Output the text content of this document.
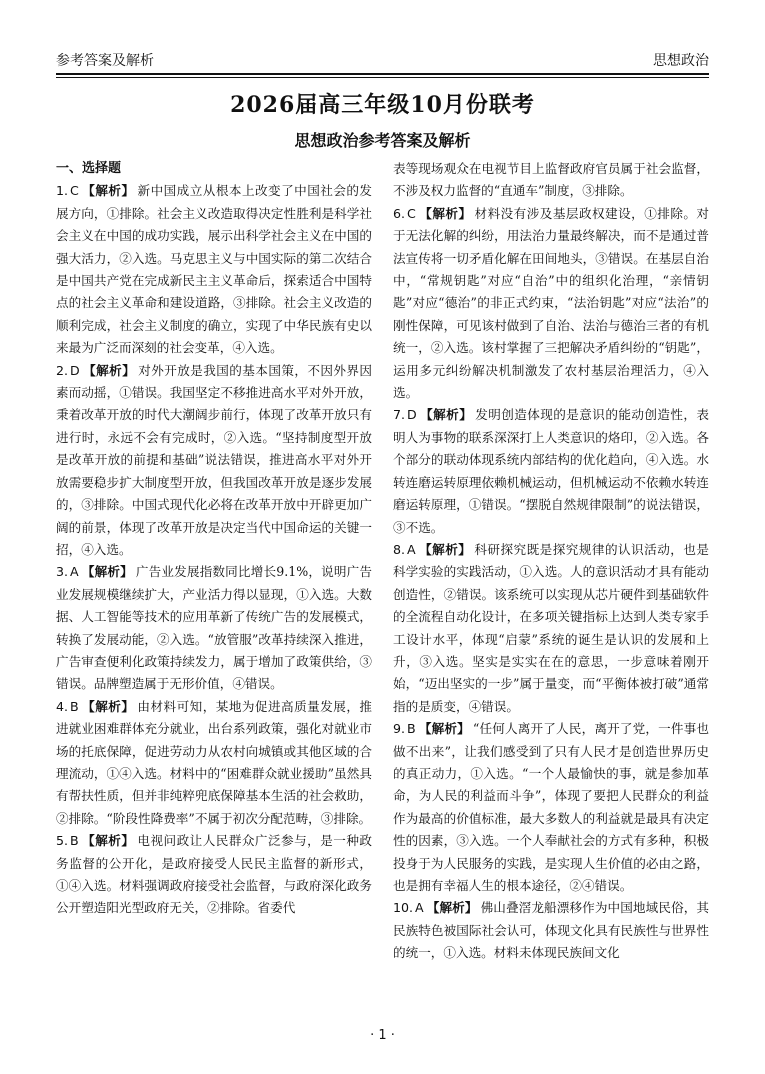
参考答案及解析	思想政治
2026届高三年级10月份联考
思想政治参考答案及解析
一、选择题

1. C 【解析】 新中国成立从根本上改变了中国社会的发展方向，①排除。社会主义改造取得决定性胜利是科学社会主义在中国的成功实践，展示出科学社会主义在中国的强大活力，②入选。马克思主义与中国实际的第二次结合是中国共产党在完成新民主主义革命后，探索适合中国特点的社会主义革命和建设道路，③排除。社会主义改造的顺利完成，社会主义制度的确立，实现了中华民族有史以来最为广泛而深刻的社会变革，④入选。

2. D 【解析】 对外开放是我国的基本国策，不因外界因素而动摇，①错误。我国坚定不移推进高水平对外开放，秉着改革开放的时代大潮阔步前行，体现了改革开放只有进行时，永远不会有完成时，②入选。“坚持制度型开放是改革开放的前提和基础”说法错误，推进高水平对外开放需要稳步扩大制度型开放，但我国改革开放是逐步发展的，③排除。中国式现代化必将在改革开放中开辟更加广阔的前景，体现了改革开放是决定当代中国命运的关键一招，④入选。

3. A 【解析】 广告业发展指数同比增长9.1%，说明广告业发展规模继续扩大，产业活力得以显现，①入选。大数据、人工智能等技术的应用革新了传统广告的发展模式，转换了发展动能，②入选。“放管服”改革持续深入推进，广告审查便利化政策持续发力，属于增加了政策供给，③错误。品牌塑造属于无形价值，④错误。

4. B 【解析】 由材料可知，某地为促进高质量发展，推进就业困难群体充分就业，出台系列政策，强化对就业市场的托底保障，促进劳动力从农村向城镇或其他区域的合理流动，①④入选。材料中的“困难群众就业援助”虽然具有帮扶性质，但并非纯粹兜底保障基本生活的社会救助，②排除。“阶段性降费率”不属于初次分配范畴，③排除。

5. B 【解析】 电视问政让人民群众广泛参与，是一种政务监督的公开化，是政府接受人民民主监督的新形式，①④入选。材料强调政府接受社会监督，与政府深化政务公开塑造阳光型政府无关，②排除。省委代

表等现场观众在电视节目上监督政府官员属于社会监督，不涉及权力监督的“直通车”制度，③排除。

6. C 【解析】 材料没有涉及基层政权建设，①排除。对于无法化解的纠纷，用法治力量最终解决，而不是通过普法宣传将一切矛盾化解在田间地头，③错误。在基层自治中，“常规钥匙”对应“自治”中的组织化治理，“亲情钥匙”对应“德治”的非正式约束，“法治钥匙”对应“法治”的刚性保障，可见该村做到了自治、法治与德治三者的有机统一，②入选。该村掌握了三把解决矛盾纠纷的“钥匙”，运用多元纠纷解决机制激发了农村基层治理活力，④入选。

7. D 【解析】 发明创造体现的是意识的能动创造性，表明人为事物的联系深深打上人类意识的烙印，②入选。各个部分的联动体现系统内部结构的优化趋向，④入选。水转连磨运转原理依赖机械运动，但机械运动不依赖水转连磨运转原理，①错误。“摆脱自然规律限制”的说法错误，③不选。

8. A 【解析】 科研探究既是探究规律的认识活动，也是科学实验的实践活动，①入选。人的意识活动才具有能动创造性，②错误。该系统可以实现从芯片硬件到基础软件的全流程自动化设计，在多项关键指标上达到人类专家手工设计水平，体现“启蒙”系统的诞生是认识的发展和上升，③入选。坚实是实实在在的意思，一步意味着刚开始，“迈出坚实的一步”属于量变，而“平衡体被打破”通常指的是质变，④错误。

9. B 【解析】 “任何人离开了人民，离开了党，一件事也做不出来”，让我们感受到了只有人民才是创造世界历史的真正动力，①入选。“一个人最愉快的事，就是参加革命，为人民的利益而斗争”，体现了要把人民群众的利益作为最高的价值标准，最大多数人的利益就是最具有决定性的因素，③入选。一个人奉献社会的方式有多种，积极投身于为人民服务的实践，是实现人生价值的必由之路，也是拥有幸福人生的根本途径，②④错误。

10. A 【解析】 佛山叠滘龙船漂移作为中国地域民俗，其民族特色被国际社会认可，体现文化具有民族性与世界性的统一，①入选。材料未体现民族间文化

· 1 ·
